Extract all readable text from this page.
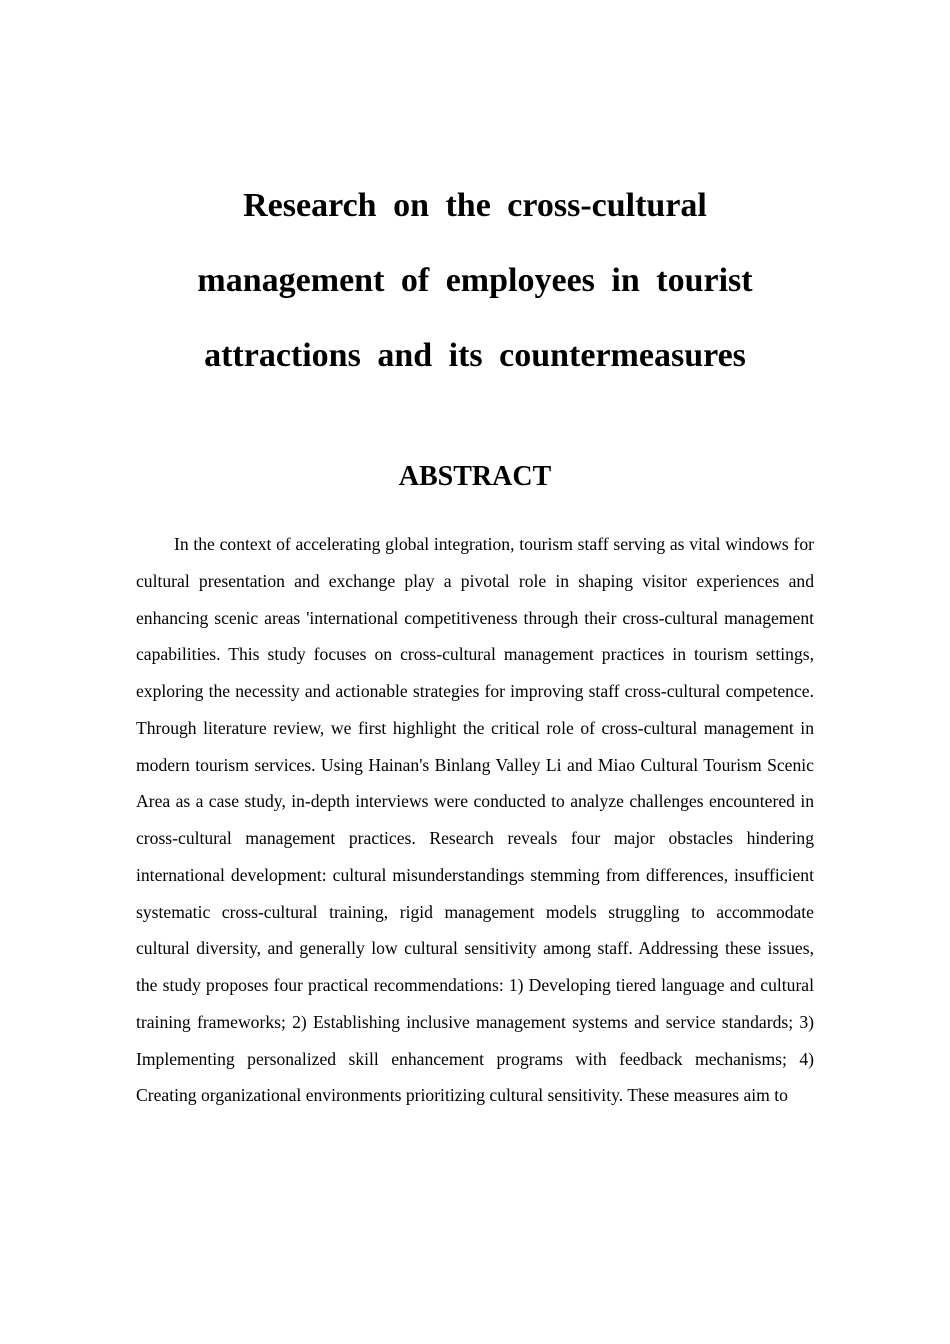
Research on the cross-cultural
management of employees in tourist
attractions and its countermeasures
ABSTRACT

In the context of accelerating global integration, tourism staff serving as vital windows for cultural presentation and exchange play a pivotal role in shaping visitor experiences and enhancing scenic areas 'international competitiveness through their cross-cultural management capabilities. This study focuses on cross-cultural management practices in tourism settings, exploring the necessity and actionable strategies for improving staff cross-cultural competence. Through literature review, we first highlight the critical role of cross-cultural management in modern tourism services. Using Hainan's Binlang Valley Li and Miao Cultural Tourism Scenic Area as a case study, in-depth interviews were conducted to analyze challenges encountered in cross-cultural management practices. Research reveals four major obstacles hindering international development: cultural misunderstandings stemming from differences, insufficient systematic cross-cultural training, rigid management models struggling to accommodate cultural diversity, and generally low cultural sensitivity among staff. Addressing these issues, the study proposes four practical recommendations: 1) Developing tiered language and cultural training frameworks; 2) Establishing inclusive management systems and service standards; 3) Implementing personalized skill enhancement programs with feedback mechanisms; 4) Creating organizational environments prioritizing cultural sensitivity. These measures aim to
